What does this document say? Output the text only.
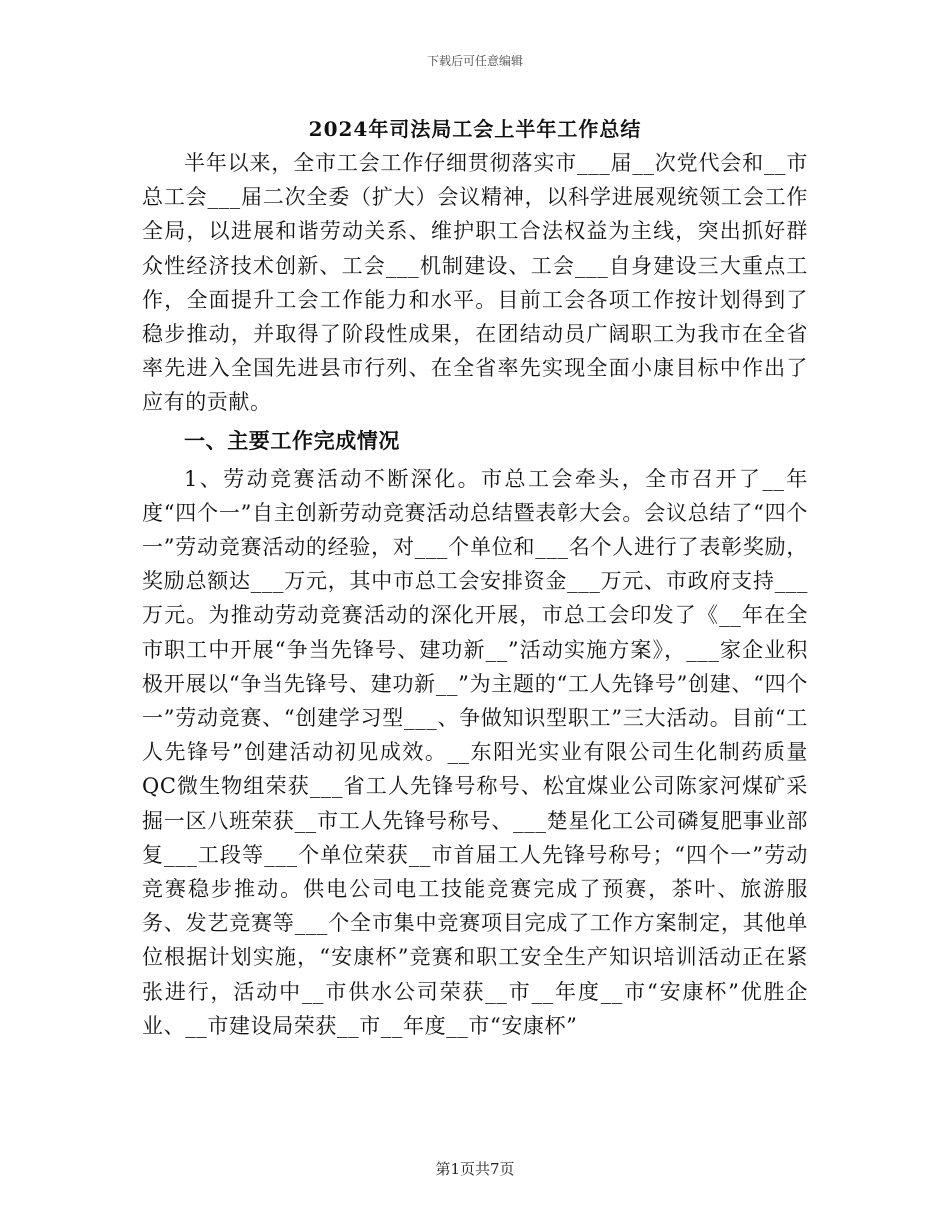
下载后可任意编辑
2024年司法局工会上半年工作总结

半年以来，全市工会工作仔细贯彻落实市___届__次党代会和__市总工会___届二次全委（扩大）会议精神，以科学进展观统领工会工作全局，以进展和谐劳动关系、维护职工合法权益为主线，突出抓好群众性经济技术创新、工会___机制建设、工会___自身建设三大重点工作，全面提升工会工作能力和水平。目前工会各项工作按计划得到了稳步推动，并取得了阶段性成果，在团结动员广阔职工为我市在全省率先进入全国先进县市行列、在全省率先实现全面小康目标中作出了应有的贡献。

一、主要工作完成情况

1、劳动竞赛活动不断深化。市总工会牵头，全市召开了__年度“四个一”自主创新劳动竞赛活动总结暨表彰大会。会议总结了“四个一”劳动竞赛活动的经验，对___个单位和___名个人进行了表彰奖励，奖励总额达___万元，其中市总工会安排资金___万元、市政府支持___万元。为推动劳动竞赛活动的深化开展，市总工会印发了《__年在全市职工中开展“争当先锋号、建功新__”活动实施方案》，___家企业积极开展以“争当先锋号、建功新__”为主题的“工人先锋号”创建、“四个一”劳动竞赛、“创建学习型___、争做知识型职工”三大活动。目前“工人先锋号”创建活动初见成效。__东阳光实业有限公司生化制药质量QC微生物组荣获___省工人先锋号称号、松宜煤业公司陈家河煤矿采掘一区八班荣获__市工人先锋号称号、___楚星化工公司磷复肥事业部复___工段等___个单位荣获__市首届工人先锋号称号；“四个一”劳动竞赛稳步推动。供电公司电工技能竞赛完成了预赛，茶叶、旅游服务、发艺竞赛等___个全市集中竞赛项目完成了工作方案制定，其他单位根据计划实施，“安康杯”竞赛和职工安全生产知识培训活动正在紧张进行，活动中__市供水公司荣获__市__年度__市“安康杯”优胜企业、__市建设局荣获__市__年度__市“安康杯”

第1页共7页
